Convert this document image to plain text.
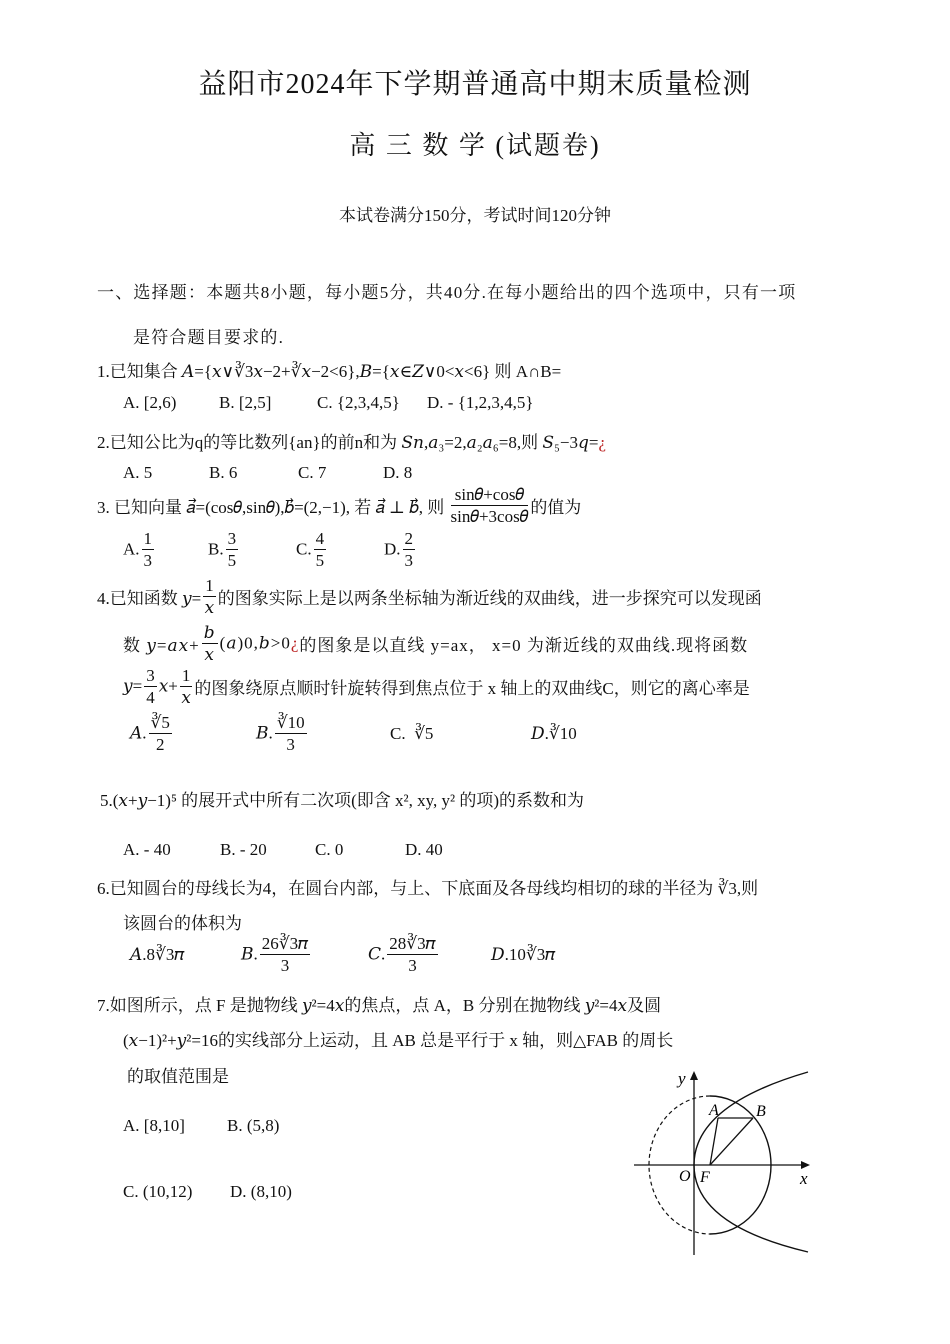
益阳市2024年下学期普通高中期末质量检测
高 三 数 学 (试题卷)
本试卷满分150分，考试时间120分钟
一、选择题：本题共8小题，每小题5分，共40分.在每小题给出的四个选项中，只有一项
是符合题目要求的.
1.已知集合 𝐴={𝑥∨∛3𝑥−2+∛𝑥−2<6},𝐵={𝑥∈𝑍∨0<𝑥<6} 则 A∩B=
A. [2,6)	B. [2,5]	C. {2,3,4,5} D. - {1,2,3,4,5}
2.已知公比为q的等比数列{an}的前n和为 𝑆𝑛,𝑎₃=2,𝑎₂𝑎₆=8,则 𝑆₅−3𝑞=¿
A. 5	B. 6	C. 7	D. 8
3. 已知向量 𝑎⃗=(cos𝜃,sin𝜃),𝑏⃗=(2,−1), 若 𝑎⃗ ⊥ 𝑏⃗, 则 $\frac{\text{sin𝜃+cos𝜃}}{\text{sin𝜃+3cos𝜃}}$ 的值为
A. $\frac{1}{3}$	B. $\frac{3}{5}$	C. $\frac{4}{5}$	D. $\frac{2}{3}$
4.已知函数 𝑦= $\frac{1}{\text{𝑥}}$ 的图象实际上是以两条坐标轴为渐近线的双曲线，进一步探究可以发现函
数 𝑦=𝑎𝑥+ $\frac{\text{𝑏}}{\text{𝑥}}$ (𝑎)0,𝑏>0¿的图象是以直线 y=ax， x=0 为渐近线的双曲线.现将函数
𝑦= $\frac{3}{4}$ 𝑥+ $\frac{1}{\text{𝑥}}$ 的图象绕原点顺时针旋转得到焦点位于 x 轴上的双曲线C，则它的离心率是
𝐴. $\frac{∛5}{2}$	𝐵. $\frac{∛10}{3}$	C. ∛5	𝐷.∛10
5.(𝑥+𝑦−1)⁵ 的展开式中所有二次项(即含 x², xy, y² 的项)的系数和为
A. - 40	B. - 20	C. 0	D. 40
6.已知圆台的母线长为4，在圆台内部，与上、下底面及各母线均相切的球的半径为 ∛3,则
该圆台的体积为
𝐴.8∛3𝜋	𝐵. $\frac{\text{26∛3𝜋}}{3}$	𝐶. $\frac{\text{28∛3𝜋}}{3}$	𝐷.10∛3𝜋
7.如图所示，点 F 是抛物线 𝑦²=4𝑥的焦点，点 A，B 分别在抛物线 𝑦²=4𝑥及圆
(𝑥−1)²+𝑦²=16的实线部分上运动，且 AB 总是平行于 x 轴，则△FAB 的周长
的取值范围是
A. [8,10] B. (5,8)
C. (10,12) D. (8,10)
y
x
O F
A B
